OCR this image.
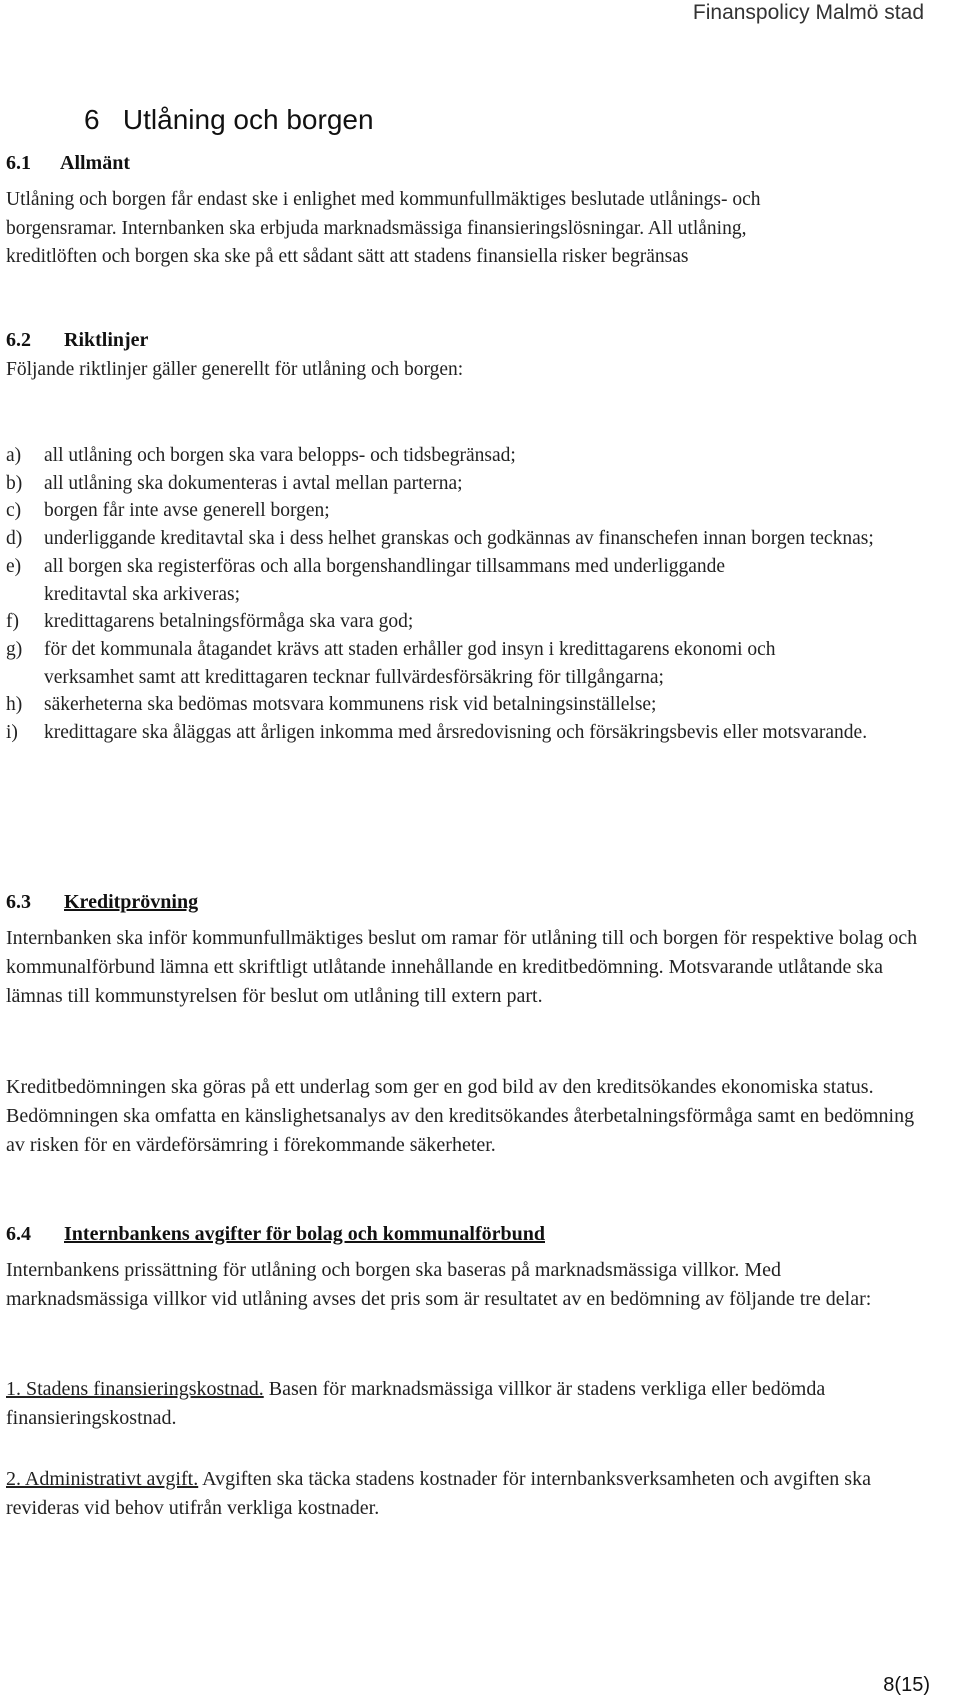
Finanspolicy Malmö stad
6   Utlåning och borgen
6.1 Allmänt

Utlåning och borgen får endast ske i enlighet med kommunfullmäktiges beslutade utlånings- och borgensramar. Internbanken ska erbjuda marknadsmässiga finansieringslösningar. All utlåning, kreditlöften och borgen ska ske på ett sådant sätt att stadens finansiella risker begränsas

6.2 Riktlinjer

Följande riktlinjer gäller generellt för utlåning och borgen:

a) all utlåning och borgen ska vara belopps- och tidsbegränsad;
b) all utlåning ska dokumenteras i avtal mellan parterna;
c) borgen får inte avse generell borgen;
d) underliggande kreditavtal ska i dess helhet granskas och godkännas av finanschefen innan borgen tecknas;
e) all borgen ska registerföras och alla borgenshandlingar tillsammans med underliggande kreditavtal ska arkiveras;
f) kredittagarens betalningsförmåga ska vara god;
g) för det kommunala åtagandet krävs att staden erhåller god insyn i kredittagarens ekonomi och verksamhet samt att kredittagaren tecknar fullvärdesförsäkring för tillgångarna;
h) säkerheterna ska bedömas motsvara kommunens risk vid betalningsinställelse;
i) kredittagare ska åläggas att årligen inkomma med årsredovisning och försäkringsbevis eller motsvarande.
6.3 Kreditprövning

Internbanken ska inför kommunfullmäktiges beslut om ramar för utlåning till och borgen för respektive bolag och kommunalförbund lämna ett skriftligt utlåtande innehållande en kreditbedömning. Motsvarande utlåtande ska lämnas till kommunstyrelsen för beslut om utlåning till extern part.

Kreditbedömningen ska göras på ett underlag som ger en god bild av den kreditsökandes ekonomiska status. Bedömningen ska omfatta en känslighetsanalys av den kreditsökandes återbetalningsförmåga samt en bedömning av risken för en värdeförsämring i förekommande säkerheter.

6.4 Internbankens avgifter för bolag och kommunalförbund

Internbankens prissättning för utlåning och borgen ska baseras på marknadsmässiga villkor. Med marknadsmässiga villkor vid utlåning avses det pris som är resultatet av en bedömning av följande tre delar:

1. Stadens finansieringskostnad. Basen för marknadsmässiga villkor är stadens verkliga eller bedömda finansieringskostnad.

2. Administrativt avgift. Avgiften ska täcka stadens kostnader för internbanksverksamheten och avgiften ska revideras vid behov utifrån verkliga kostnader.

8(15)
